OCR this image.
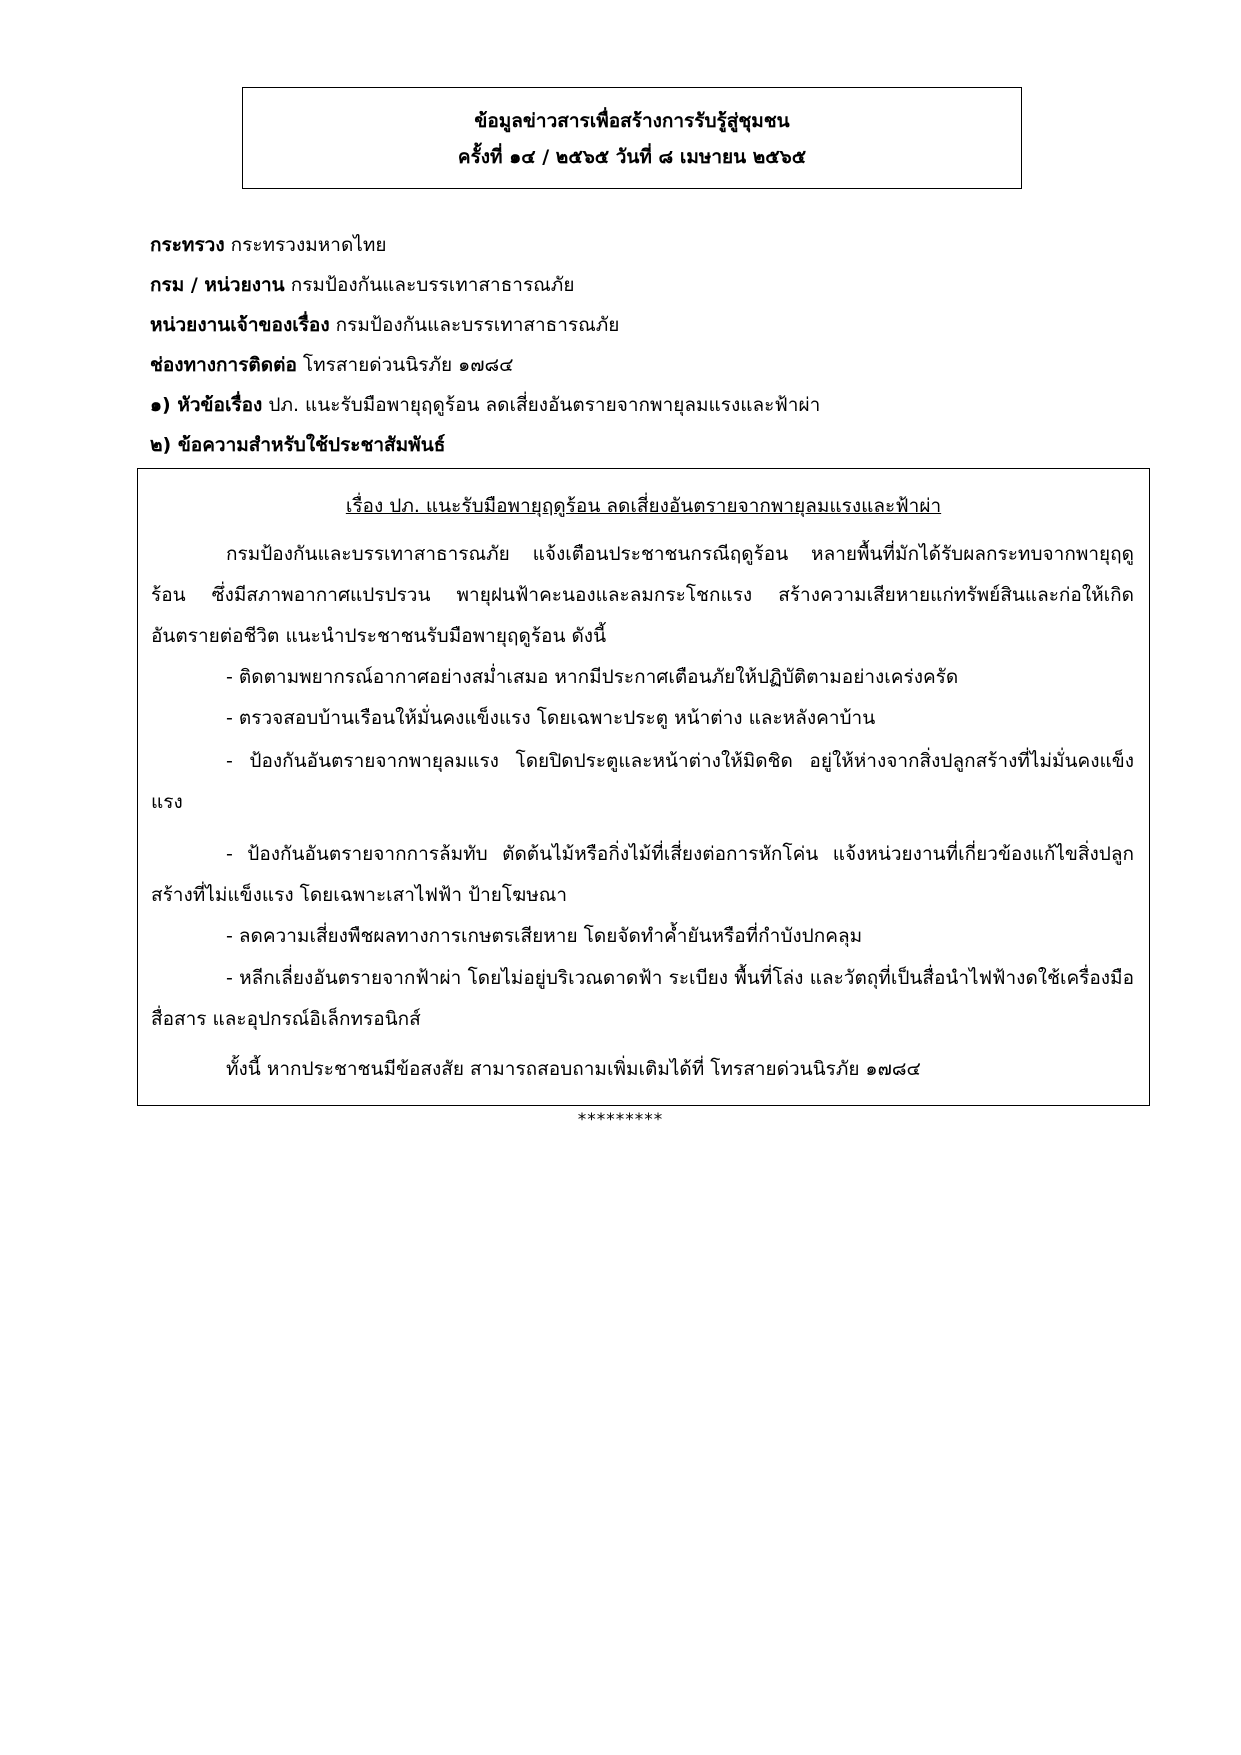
ข้อมูลข่าวสารเพื่อสร้างการรับรู้สู่ชุมชน
ครั้งที่ ๑๔ / ๒๕๖๕ วันที่ ๘ เมษายน ๒๕๖๕
กระทรวง กระทรวงมหาดไทย
กรม / หน่วยงาน กรมป้องกันและบรรเทาสาธารณภัย
หน่วยงานเจ้าของเรื่อง กรมป้องกันและบรรเทาสาธารณภัย
ช่องทางการติดต่อ โทรสายด่วนนิรภัย ๑๗๘๔
๑) หัวข้อเรื่อง ปภ. แนะรับมือพายุฤดูร้อน ลดเสี่ยงอันตรายจากพายุลมแรงและฟ้าผ่า
๒) ข้อความสำหรับใช้ประชาสัมพันธ์
เรื่อง ปภ. แนะรับมือพายุฤดูร้อน ลดเสี่ยงอันตรายจากพายุลมแรงและฟ้าผ่า
กรมป้องกันและบรรเทาสาธารณภัย แจ้งเตือนประชาชนกรณีฤดูร้อน หลายพื้นที่มักได้รับผลกระทบจากพายุฤดูร้อน ซึ่งมีสภาพอากาศแปรปรวน พายุฝนฟ้าคะนองและลมกระโชกแรง สร้างความเสียหายแก่ทรัพย์สินและก่อให้เกิดอันตรายต่อชีวิต แนะนำประชาชนรับมือพายุฤดูร้อน ดังนี้
- ติดตามพยากรณ์อากาศอย่างสม่ำเสมอ หากมีประกาศเตือนภัยให้ปฏิบัติตามอย่างเคร่งครัด
- ตรวจสอบบ้านเรือนให้มั่นคงแข็งแรง โดยเฉพาะประตู หน้าต่าง และหลังคาบ้าน
- ป้องกันอันตรายจากพายุลมแรง โดยปิดประตูและหน้าต่างให้มิดชิด อยู่ให้ห่างจากสิ่งปลูกสร้างที่ไม่มั่นคงแข็งแรง
- ป้องกันอันตรายจากการล้มทับ ตัดต้นไม้หรือกิ่งไม้ที่เสี่ยงต่อการหักโค่น แจ้งหน่วยงานที่เกี่ยวข้องแก้ไขสิ่งปลูกสร้างที่ไม่แข็งแรง โดยเฉพาะเสาไฟฟ้า ป้ายโฆษณา
- ลดความเสี่ยงพืชผลทางการเกษตรเสียหาย โดยจัดทำค้ำยันหรือที่กำบังปกคลุม
- หลีกเลี่ยงอันตรายจากฟ้าผ่า โดยไม่อยู่บริเวณดาดฟ้า ระเบียง พื้นที่โล่ง และวัตถุที่เป็นสื่อนำไฟฟ้างดใช้เครื่องมือสื่อสาร และอุปกรณ์อิเล็กทรอนิกส์
ทั้งนี้ หากประชาชนมีข้อสงสัย สามารถสอบถามเพิ่มเติมได้ที่ โทรสายด่วนนิรภัย ๑๗๘๔
*********
